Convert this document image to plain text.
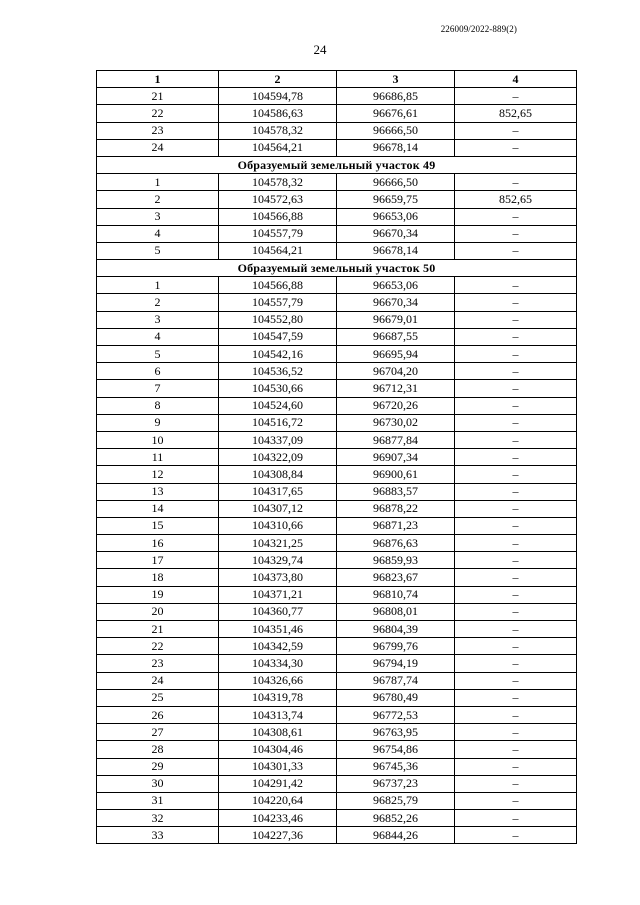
226009/2022-889(2)
24
1	2	3	4
21	104594,78	96686,85	–
22	104586,63	96676,61	852,65
23	104578,32	96666,50	–
24	104564,21	96678,14	–
Образуемый земельный участок 49			
1	104578,32	96666,50	–
2	104572,63	96659,75	852,65
3	104566,88	96653,06	–
4	104557,79	96670,34	–
5	104564,21	96678,14	–
Образуемый земельный участок 50			
1	104566,88	96653,06	–
2	104557,79	96670,34	–
3	104552,80	96679,01	–
4	104547,59	96687,55	–
5	104542,16	96695,94	–
6	104536,52	96704,20	–
7	104530,66	96712,31	–
8	104524,60	96720,26	–
9	104516,72	96730,02	–
10	104337,09	96877,84	–
11	104322,09	96907,34	–
12	104308,84	96900,61	–
13	104317,65	96883,57	–
14	104307,12	96878,22	–
15	104310,66	96871,23	–
16	104321,25	96876,63	–
17	104329,74	96859,93	–
18	104373,80	96823,67	–
19	104371,21	96810,74	–
20	104360,77	96808,01	–
21	104351,46	96804,39	–
22	104342,59	96799,76	–
23	104334,30	96794,19	–
24	104326,66	96787,74	–
25	104319,78	96780,49	–
26	104313,74	96772,53	–
27	104308,61	96763,95	–
28	104304,46	96754,86	–
29	104301,33	96745,36	–
30	104291,42	96737,23	–
31	104220,64	96825,79	–
32	104233,46	96852,26	–
33	104227,36	96844,26	–
